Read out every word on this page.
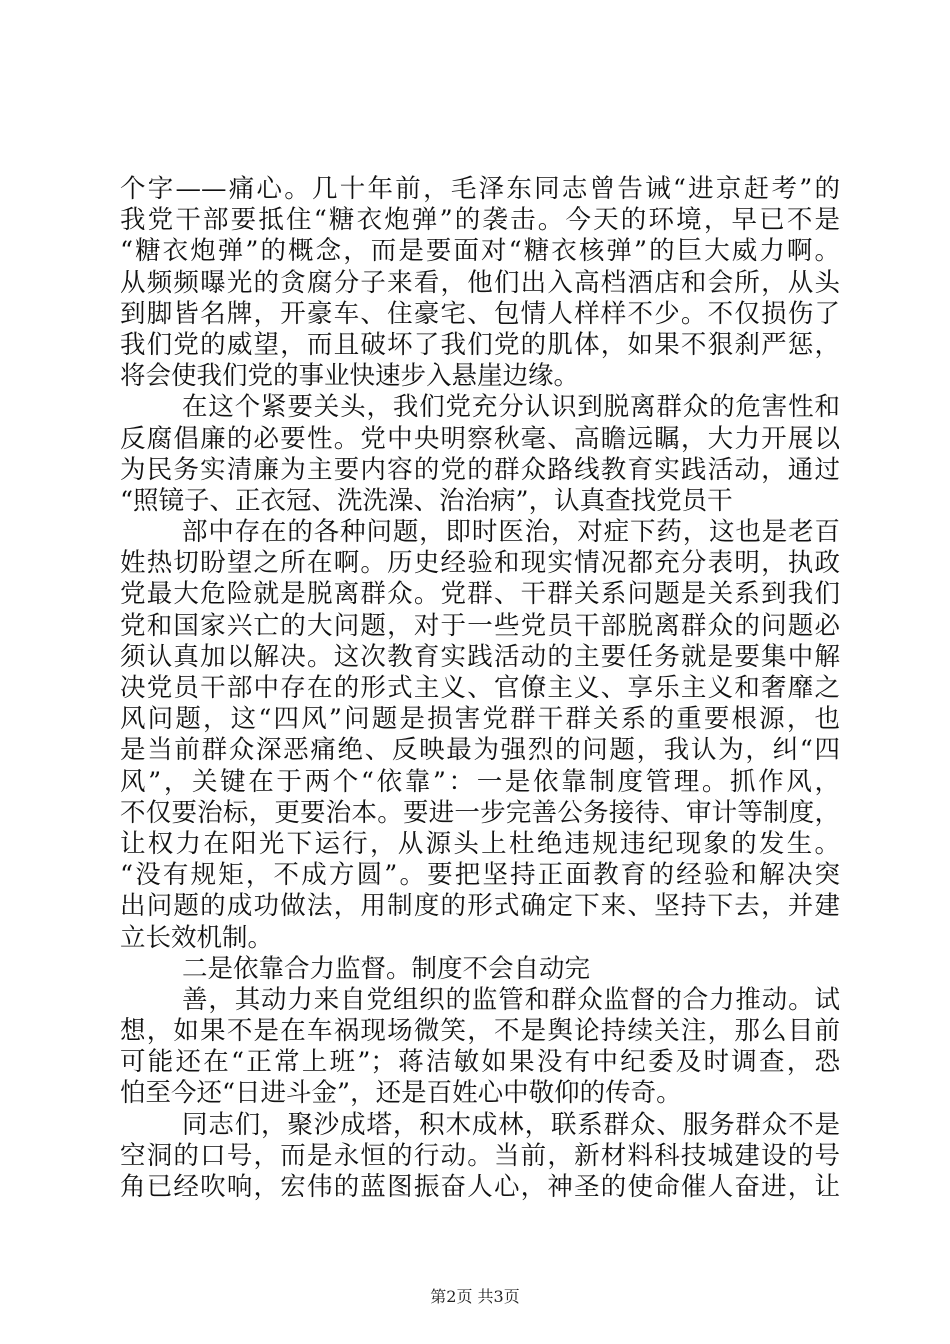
个字——痛心。几十年前，毛泽东同志曾告诫“进京赶考”的
我党干部要抵住“糖衣炮弹”的袭击。今天的环境，早已不是
“糖衣炮弹”的概念，而是要面对“糖衣核弹”的巨大威力啊。
从频频曝光的贪腐分子来看，他们出入高档酒店和会所，从头
到脚皆名牌，开豪车、住豪宅、包情人样样不少。不仅损伤了
我们党的威望，而且破坏了我们党的肌体，如果不狠刹严惩，
将会使我们党的事业快速步入悬崖边缘。
在这个紧要关头，我们党充分认识到脱离群众的危害性和
反腐倡廉的必要性。党中央明察秋毫、高瞻远瞩，大力开展以
为民务实清廉为主要内容的党的群众路线教育实践活动，通过
“照镜子、正衣冠、洗洗澡、治治病”，认真查找党员干
部中存在的各种问题，即时医治，对症下药，这也是老百
姓热切盼望之所在啊。历史经验和现实情况都充分表明，执政
党最大危险就是脱离群众。党群、干群关系问题是关系到我们
党和国家兴亡的大问题，对于一些党员干部脱离群众的问题必
须认真加以解决。这次教育实践活动的主要任务就是要集中解
决党员干部中存在的形式主义、官僚主义、享乐主义和奢靡之
风问题，这“四风”问题是损害党群干群关系的重要根源，也
是当前群众深恶痛绝、反映最为强烈的问题，我认为，纠“四
风”，关键在于两个“依靠”：一是依靠制度管理。抓作风，
不仅要治标，更要治本。要进一步完善公务接待、审计等制度，
让权力在阳光下运行，从源头上杜绝违规违纪现象的发生。
“没有规矩，不成方圆”。要把坚持正面教育的经验和解决突
出问题的成功做法，用制度的形式确定下来、坚持下去，并建
立长效机制。
二是依靠合力监督。制度不会自动完
善，其动力来自党组织的监管和群众监督的合力推动。试
想，如果不是在车祸现场微笑，不是舆论持续关注，那么目前
可能还在“正常上班”；蒋洁敏如果没有中纪委及时调查，恐
怕至今还“日进斗金”，还是百姓心中敬仰的传奇。
同志们，聚沙成塔，积木成林，联系群众、服务群众不是
空洞的口号，而是永恒的行动。当前，新材料科技城建设的号
角已经吹响，宏伟的蓝图振奋人心，神圣的使命催人奋进，让
第2页 共3页
